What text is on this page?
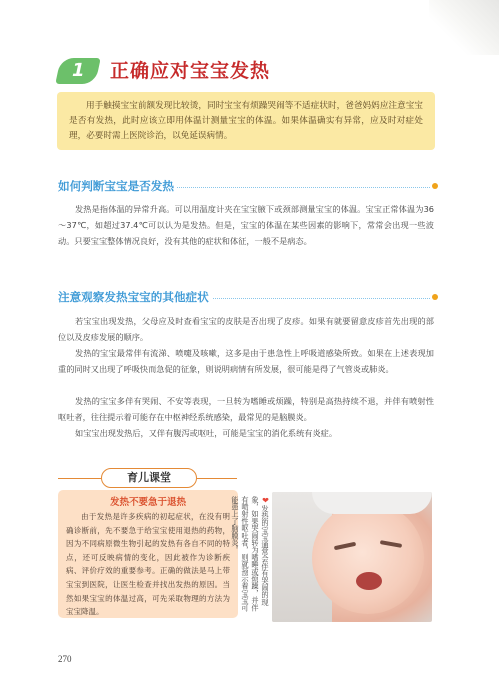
1	正确应对宝宝发热
用手触摸宝宝前额发现比较烫，同时宝宝有烦躁哭闹等不适症状时，爸爸妈妈应注意宝宝是否有发热，此时应该立即用体温计测量宝宝的体温。如果体温确实有异常，应及时对症处理，必要时需上医院诊治，以免延误病情。
如何判断宝宝是否发热

发热是指体温的异常升高。可以用温度计夹在宝宝腋下或颈部测量宝宝的体温。宝宝正常体温为36～37℃，如超过37.4℃可以认为是发热。但是，宝宝的体温在某些因素的影响下，常常会出现一些波动。只要宝宝整体情况良好，没有其他的症状和体征，一般不是病态。

注意观察发热宝宝的其他症状

若宝宝出现发热，父母应及时查看宝宝的皮肤是否出现了皮疹。如果有就要留意皮疹首先出现的部位以及皮疹发展的顺序。

发热的宝宝最常伴有流涕、喷嚏及咳嗽，这多是由于患急性上呼吸道感染所致。如果在上述表现加重的同时又出现了呼吸快而急促的征象，则说明病情有所发展，很可能是得了气管炎或肺炎。

发热的宝宝多伴有哭闹、不安等表现，一旦转为嗜睡或烦躁，特别是高热持续不退，并伴有喷射性呕吐者，往往提示着可能存在中枢神经系统感染，最常见的是脑膜炎。

如宝宝出现发热后，又伴有腹泻或呕吐，可能是宝宝的消化系统有炎症。

育儿课堂
发热不要急于退热
由于发热是许多疾病的初起症状，在没有明确诊断前，先不要急于给宝宝使用退热的药物，因为不同病原微生物引起的发热有各自不同的特点，还可反映病情的变化，因此被作为诊断疾病、评价疗效的重要参考。正确的做法是马上带宝宝到医院，让医生检查并找出发热的原因。当然如果宝宝的体温过高，可先采取物理的方法为宝宝降温。
❤发热的宝宝通常会伴有哭闹的现象，如果哭闹转为嗜睡或烦躁，并伴有喷射性呕吐者，则就预示着宝宝可能患上了脑膜炎。
270
